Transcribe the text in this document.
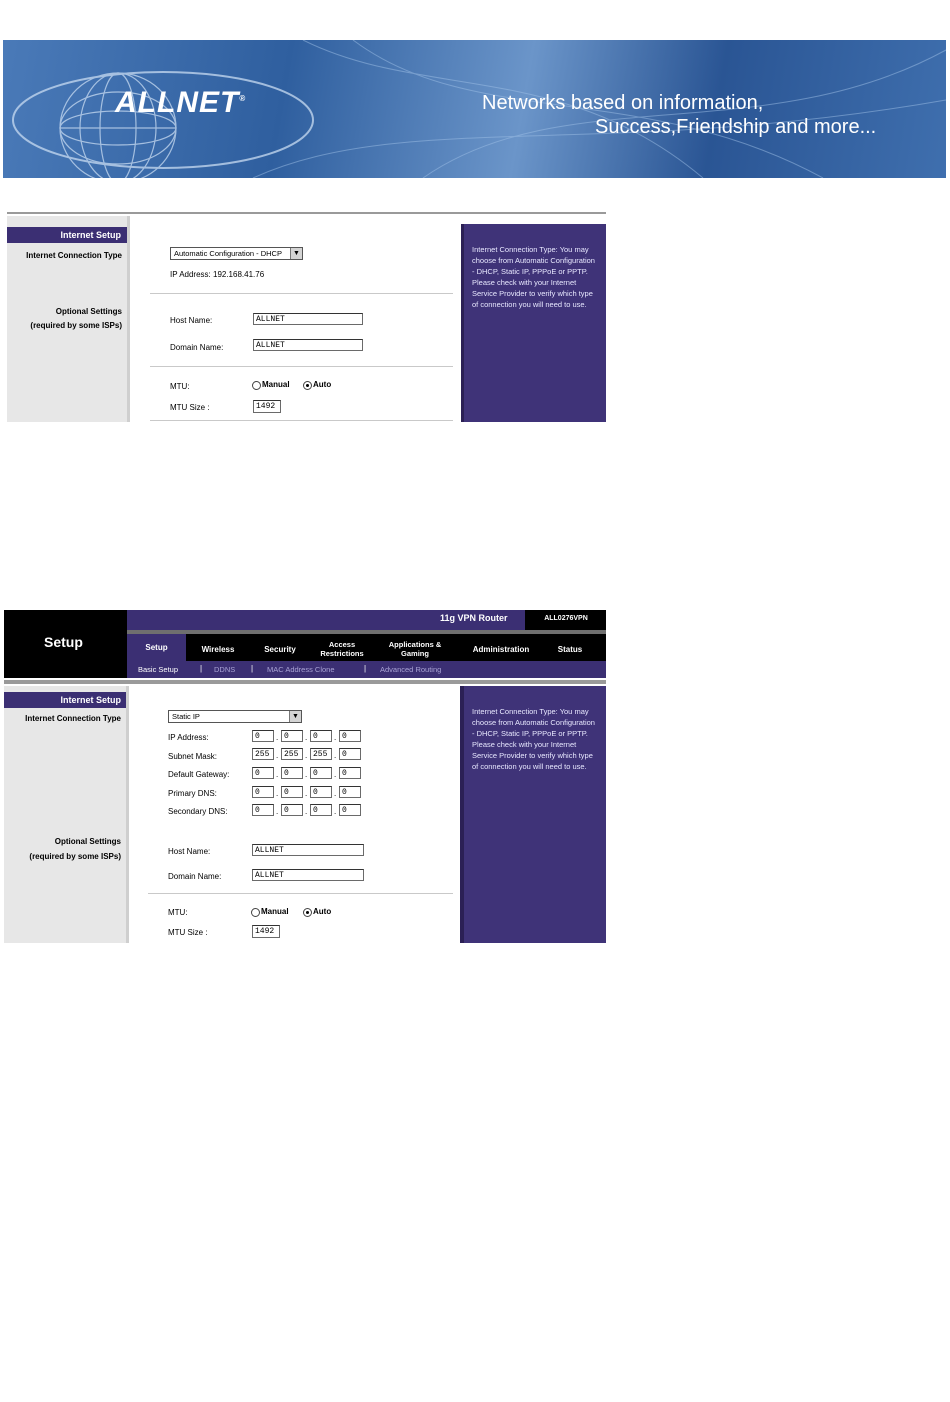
ALLNET®	Networks based on information,
Success,Friendship and more...
Internet Setup
Internet Connection Type
Optional Settings
(required by some ISPs)
Automatic Configuration - DHCP	▼
IP Address: 192.168.41.76
Host Name:	ALLNET
Domain Name:	ALLNET
MTU:	Manual	Auto
MTU Size :	1492
Internet Connection Type: You may choose from Automatic Configuration - DHCP, Static IP, PPPoE or PPTP. Please check with your Internet Service Provider to verify which type of connection you will need to use.
Setup
11g VPN Router	ALL0276VPN
Setup	Wireless	Security
Access Restrictions
Applications & Gaming	Administration	Status
Basic Setup	| DDNS | MAC Address Clone	| Advanced Routing
Internet Setup
Internet Connection Type
Optional Settings
(required by some ISPs)
Static IP	▼
IP Address:	0	. 0	. 0	. 0
Subnet Mask:	255 . 255 . 255 . 0
Default Gateway:	0	. 0	. 0	. 0
Primary DNS:	0	. 0	. 0	. 0
Secondary DNS:	0	. 0	. 0	. 0
Host Name:	ALLNET
Domain Name:	ALLNET
MTU:	Manual	Auto
MTU Size :	1492
Internet Connection Type: You may choose from Automatic Configuration - DHCP, Static IP, PPPoE or PPTP. Please check with your Internet Service Provider to verify which type of connection you will need to use.
